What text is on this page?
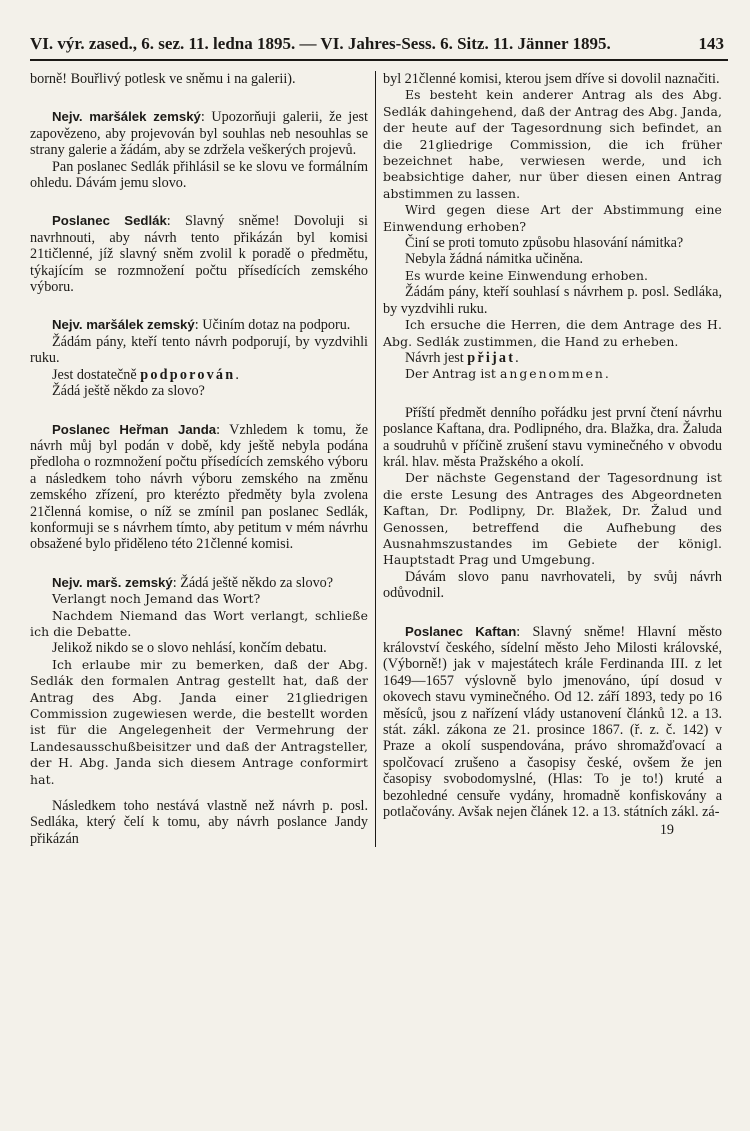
VI. výr. zased., 6. sez. 11. ledna 1895. — VI. Jahres-Sess. 6. Sitz. 11. Jänner 1895.	143

borně! Bouřlivý potlesk ve sněmu i na galerii).

Nejv. maršálek zemský: Upozorňuji galerii, že jest zapovězeno, aby projevován byl souhlas neb nesouhlas se strany galerie a žádám, aby se zdržela veškerých projevů.

Pan poslanec Sedlák přihlásil se ke slovu ve formálním ohledu. Dávám jemu slovo.

Poslanec Sedlák: Slavný sněme! Dovoluji si navrhnouti, aby návrh tento přikázán byl komisi 21tičlenné, jíž slavný sněm zvolil k poradě o předmětu, týkajícím se rozmnožení počtu přísedících zemského výboru.

Nejv. maršálek zemský: Učiním dotaz na podporu.

Žádám pány, kteří tento návrh podporují, by vyzdvihli ruku.

Jest dostatečně podporován.

Žádá ještě někdo za slovo?

Poslanec Heřman Janda: Vzhledem k tomu, že návrh můj byl podán v době, kdy ještě nebyla podána předloha o rozmnožení počtu přísedících zemského výboru a následkem toho návrh výboru zemského na změnu zemského zřízení, pro kterézto předměty byla zvolena 21členná komise, o níž se zmínil pan poslanec Sedlák, konformuji se s návrhem tímto, aby petitum v mém návrhu obsažené bylo přiděleno této 21členné komisi.

Nejv. marš. zemský: Žádá ještě někdo za slovo?

Verlangt noch Jemand das Wort?

Nachdem Niemand das Wort verlangt, schließe ich die Debatte.

Jelikož nikdo se o slovo nehlásí, končím debatu.

Ich erlaube mir zu bemerken, daß der Abg. Sedlák den formalen Antrag gestellt hat, daß der Antrag des Abg. Janda einer 21gliedrigen Commission zugewiesen werde, die bestellt worden ist für die Angelegenheit der Vermehrung der Landesausschußbeisitzer und daß der Antragsteller, der H. Abg. Janda sich diesem Antrage conformirt hat.

Následkem toho nestává vlastně než návrh p. posl. Sedláka, který čelí k tomu, aby návrh poslance Jandy přikázán

byl 21členné komisi, kterou jsem dříve si dovolil naznačiti.

Es besteht kein anderer Antrag als des Abg. Sedlák dahingehend, daß der Antrag des Abg. Janda, der heute auf der Tagesordnung sich befindet, an die 21gliedrige Commission, die ich früher bezeichnet habe, verwiesen werde, und ich beabsichtige daher, nur über diesen einen Antrag abstimmen zu lassen.

Wird gegen diese Art der Abstimmung eine Einwendung erhoben?

Činí se proti tomuto způsobu hlasování námitka?

Nebyla žádná námitka učiněna.

Es wurde keine Einwendung erhoben.

Žádám pány, kteří souhlasí s návrhem p. posl. Sedláka, by vyzdvihli ruku.

Ich ersuche die Herren, die dem Antrage des H. Abg. Sedlák zustimmen, die Hand zu erheben.

Návrh jest přijat.

Der Antrag ist angenommen.

Příští předmět denního pořádku jest první čtení návrhu poslance Kaftana, dra. Podlipného, dra. Blažka, dra. Žaluda a soudruhů v příčině zrušení stavu vyminečného v obvodu král. hlav. města Pražského a okolí.

Der nächste Gegenstand der Tagesordnung ist die erste Lesung des Antrages des Abgeordneten Kaftan, Dr. Podlipny, Dr. Blažek, Dr. Žalud und Genossen, betreffend die Aufhebung des Ausnahmszustandes im Gebiete der königl. Hauptstadt Prag und Umgebung.

Dávám slovo panu navrhovateli, by svůj návrh odůvodnil.

Poslanec Kaftan: Slavný sněme! Hlavní město království českého, sídelní město Jeho Milosti královské, (Výborně!) jak v majestátech krále Ferdinanda III. z let 1649—1657 výslovně bylo jmenováno, úpí dosud v okovech stavu vyminečného. Od 12. září 1893, tedy po 16 měsíců, jsou z nařízení vlády ustanovení článků 12. a 13. stát. zákl. zákona ze 21. prosince 1867. (ř. z. č. 142) v Praze a okolí suspendována, právo shromažďovací a spolčovací zrušeno a časopisy české, ovšem že jen časopisy svobodomyslné, (Hlas: To je to!) kruté a bezohledné censuře vydány, hromadně konfiskovány a potlačovány. Avšak nejen článek 12. a 13. státních zákl. zá-

19
